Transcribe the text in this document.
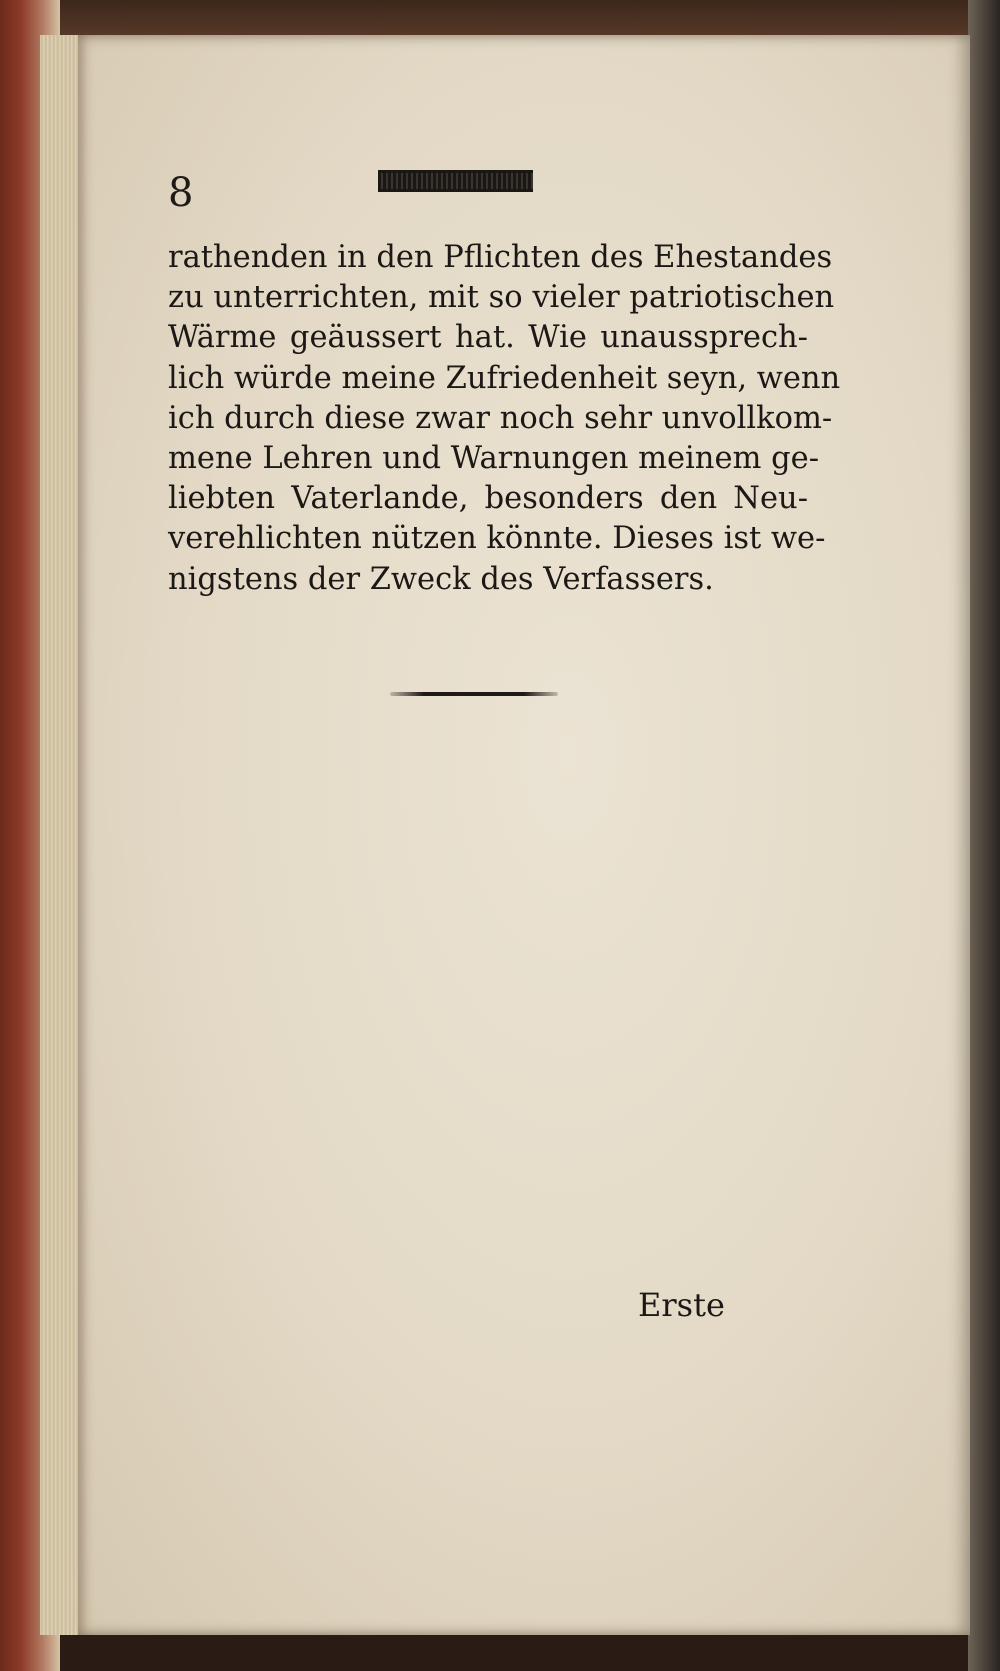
8
rathenden in den Pflichten des Ehestandes
zu unterrichten, mit so vieler patriotischen
Wärme geäussert hat. Wie unaussprech-
lich würde meine Zufriedenheit seyn, wenn
ich durch diese zwar noch sehr unvollkom-
mene Lehren und Warnungen meinem ge-
liebten Vaterlande, besonders den Neu-
verehlichten nützen könnte. Dieses ist we-
nigstens der Zweck des Verfassers.
Erste
